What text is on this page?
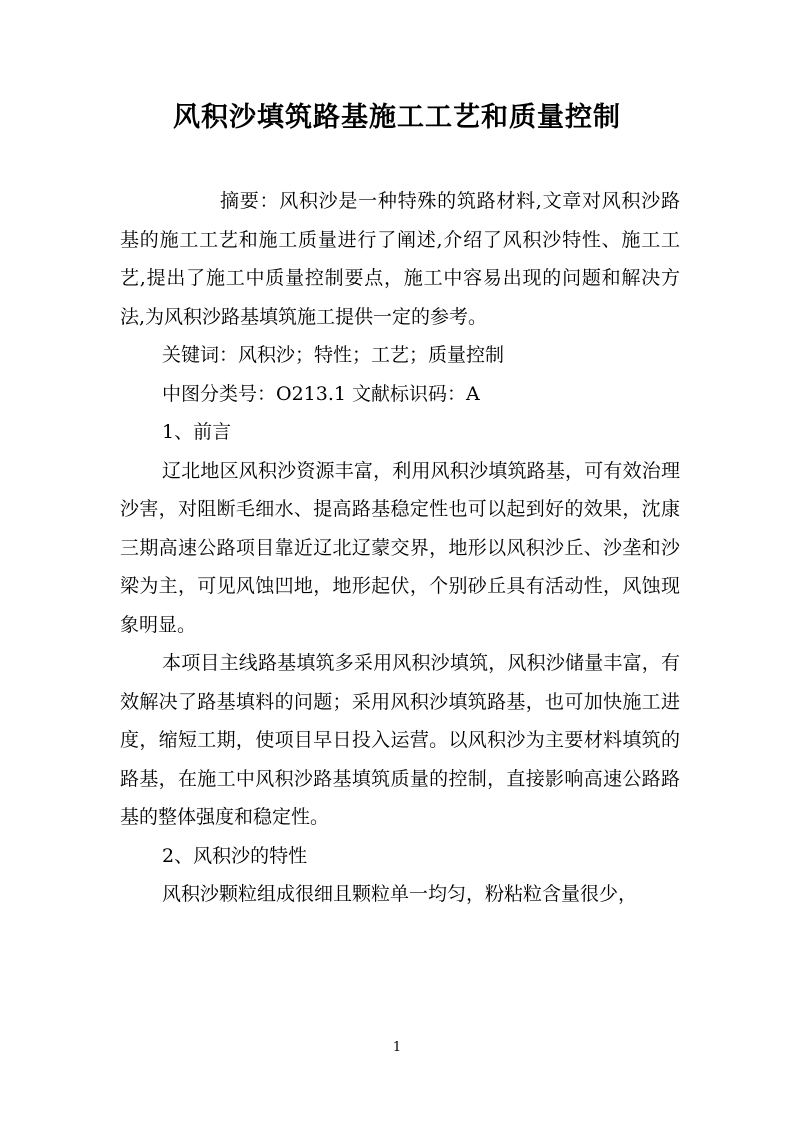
风积沙填筑路基施工工艺和质量控制

摘要：风积沙是一种特殊的筑路材料,文章对风积沙路基的施工工艺和施工质量进行了阐述,介绍了风积沙特性、施工工艺,提出了施工中质量控制要点，施工中容易出现的问题和解决方法,为风积沙路基填筑施工提供一定的参考。

关键词：风积沙；特性；工艺；质量控制

中图分类号：O213.1 文献标识码：A

1、前言

辽北地区风积沙资源丰富，利用风积沙填筑路基，可有效治理沙害，对阻断毛细水、提高路基稳定性也可以起到好的效果，沈康三期高速公路项目靠近辽北辽蒙交界，地形以风积沙丘、沙垄和沙梁为主，可见风蚀凹地，地形起伏，个别砂丘具有活动性，风蚀现象明显。

本项目主线路基填筑多采用风积沙填筑，风积沙储量丰富，有效解决了路基填料的问题；采用风积沙填筑路基，也可加快施工进度，缩短工期，使项目早日投入运营。以风积沙为主要材料填筑的路基，在施工中风积沙路基填筑质量的控制，直接影响高速公路路基的整体强度和稳定性。

2、风积沙的特性

风积沙颗粒组成很细且颗粒单一均匀，粉粘粒含量很少，

1
